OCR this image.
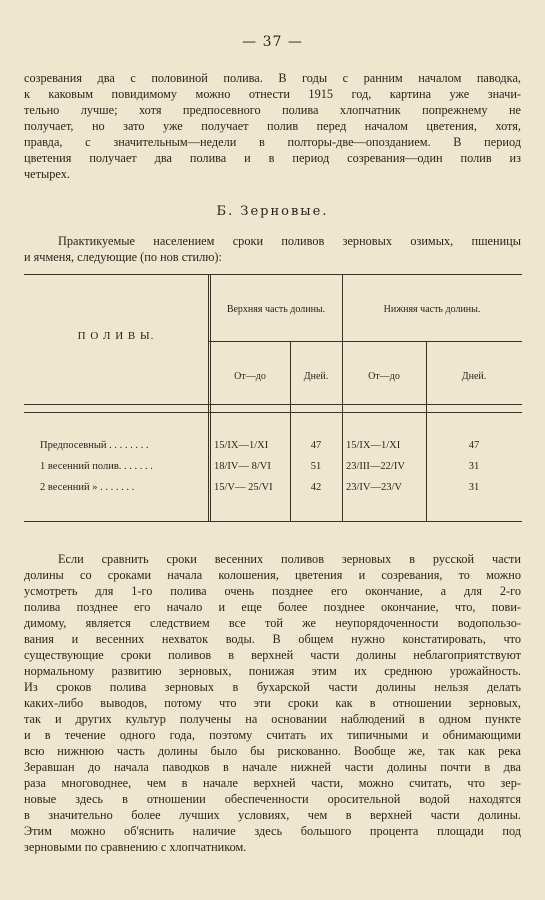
— 37 —

созревания два с половиной полива. В годы с ранним началом паводка,
к каковым повидимому можно отнести 1915 год, картина уже значи-
тельно лучше; хотя предпосевного полива хлопчатник попрежнему не
получает, но зато уже получает полив перед началом цветения, хотя,
правда, с значительным—недели в полторы-две—опозданием. В период
цветения получает два полива и в период созревания—один полив из
четырех.

Б. Зерновые.

Практикуемые населением сроки поливов зерновых озимых, пшеницы
и ячменя, следующие (по нов стилю):

П О Л И В Ы.
Верхняя часть долины.	Нижняя часть долины.
От—до	Дней.	От—до	Дней.
Предпосевный . . . . . . . .	15/IX—1/XI	47	15/IX—1/XI	47
1 весенний полив. . . . . . .	18/IV— 8/VI	51	23/III—22/IV	31
2 весенний » . . . . . . .	15/V— 25/VI	42	23/IV—23/V	31

Если сравнить сроки весенних поливов зерновых в русской части
долины со сроками начала колошения, цветения и созревания, то можно
усмотреть для 1-го полива очень позднее его окончание, а для 2-го
полива позднее его начало и еще более позднее окончание, что, пови-
димому, является следствием все той же неупорядоченности водопользо-
вания и весенних нехваток воды. В общем нужно констатировать, что
существующие сроки поливов в верхней части долины неблагоприятствуют
нормальному развитию зерновых, понижая этим их среднюю урожайность.
Из сроков полива зерновых в бухарской части долины нельзя делать
каких-либо выводов, потому что эти сроки как в отношении зерновых,
так и других культур получены на основании наблюдений в одном пункте
и в течение одного года, поэтому считать их типичными и обнимающими
всю нижнюю часть долины было бы рискованно. Вообще же, так как река
Зеравшан до начала паводков в начале нижней части долины почти в два
раза многоводнее, чем в начале верхней части, можно считать, что зер-
новые здесь в отношении обеспеченности оросительной водой находятся
в значительно более лучших условиях, чем в верхней части долины.
Этим можно об'яснить наличие здесь большого процента площади под
зерновыми по сравнению с хлопчатником.
